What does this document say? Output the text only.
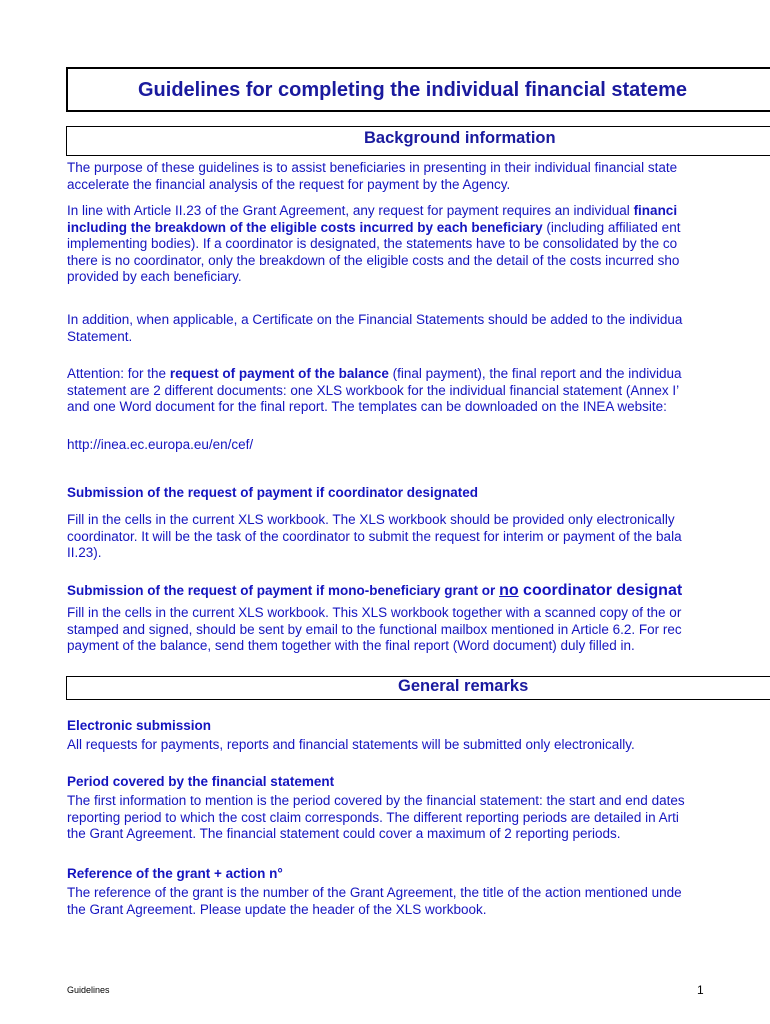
Guidelines for completing the individual financial stateme
Background information
The purpose of these guidelines is to assist beneficiaries in presenting in their individual financial state
accelerate the financial analysis of the request for payment by the Agency.
In line with Article II.23 of the Grant Agreement, any request for payment requires an individual financi
including the breakdown of the eligible costs incurred by each beneficiary (including affiliated ent
implementing bodies). If a coordinator is designated, the statements have to be consolidated by the co
there is no coordinator, only the breakdown of the eligible costs and the detail of the costs incurred sho
provided by each beneficiary.
In addition, when applicable, a Certificate on the Financial Statements should be added to the individua
Statement.
Attention: for the request of payment of the balance (final payment), the final report and the individua
statement are 2 different documents: one XLS workbook for the individual financial statement (Annex I’
and one Word document for the final report. The templates can be downloaded on the INEA website:
http://inea.ec.europa.eu/en/cef/
Submission of the request of payment if coordinator designated
Fill in the cells in the current XLS workbook. The XLS workbook should be provided only electronically
coordinator. It will be the task of the coordinator to submit the request for interim or payment of the bala
II.23).
Submission of the request of payment if mono-beneficiary grant or no coordinator designat
Fill in the cells in the current XLS workbook. This XLS workbook together with a scanned copy of the or
stamped and signed, should be sent by email to the functional mailbox mentioned in Article 6.2. For rec
payment of the balance, send them together with the final report (Word document) duly filled in.
General remarks
Electronic submission
All requests for payments, reports and financial statements will be submitted only electronically.
Period covered by the financial statement
The first information to mention is the period covered by the financial statement: the start and end dates
reporting period to which the cost claim corresponds. The different reporting periods are detailed in Arti
the Grant Agreement. The financial statement could cover a maximum of 2 reporting periods.
Reference of the grant + action n°
The reference of the grant is the number of the Grant Agreement, the title of the action mentioned unde
the Grant Agreement. Please update the header of the XLS workbook.
Guidelines	1
